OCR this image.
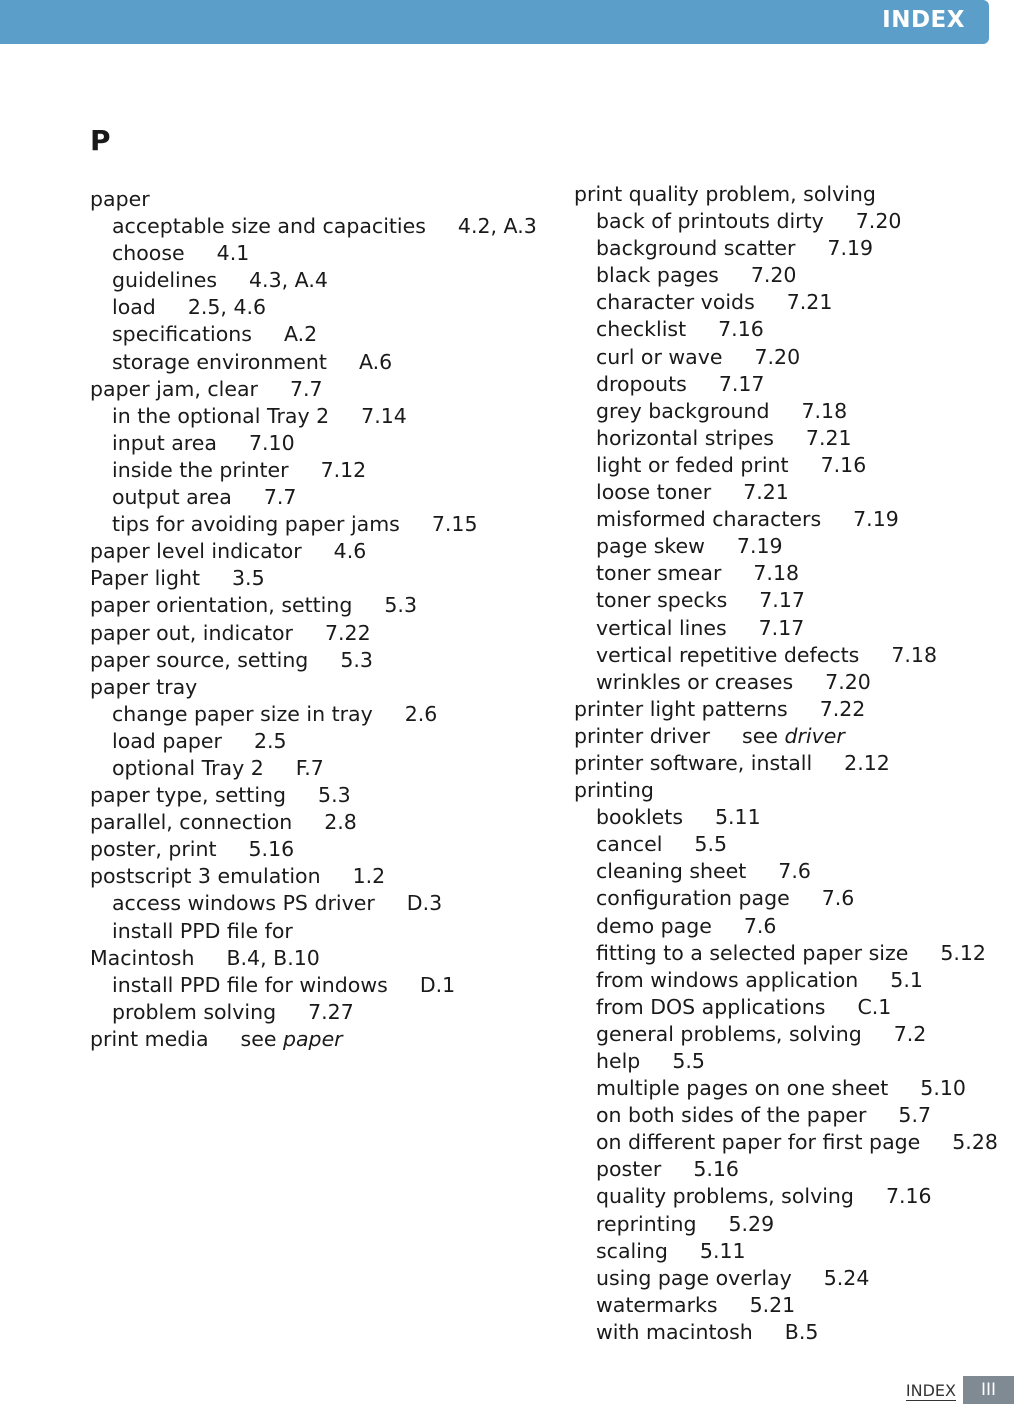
INDEX
P
paper
acceptable size and capacities 4.2, A.3
choose 4.1
guidelines 4.3, A.4
load 2.5, 4.6
specifications A.2
storage environment A.6
paper jam, clear 7.7
in the optional Tray 2 7.14
input area 7.10
inside the printer 7.12
output area 7.7
tips for avoiding paper jams 7.15
paper level indicator 4.6
Paper light 3.5
paper orientation, setting 5.3
paper out, indicator 7.22
paper source, setting 5.3
paper tray
change paper size in tray 2.6
load paper 2.5
optional Tray 2 F.7
paper type, setting 5.3
parallel, connection 2.8
poster, print 5.16
postscript 3 emulation 1.2
access windows PS driver D.3
install PPD file for Macintosh B.4, B.10
install PPD file for windows D.1
problem solving 7.27
print media see paper
print quality problem, solving
back of printouts dirty 7.20
background scatter 7.19
black pages 7.20
character voids 7.21
checklist 7.16
curl or wave 7.20
dropouts 7.17
grey background 7.18
horizontal stripes 7.21
light or feded print 7.16
loose toner 7.21
misformed characters 7.19
page skew 7.19
toner smear 7.18
toner specks 7.17
vertical lines 7.17
vertical repetitive defects 7.18
wrinkles or creases 7.20
printer light patterns 7.22
printer driver see driver
printer software, install 2.12
printing
booklets 5.11
cancel 5.5
cleaning sheet 7.6
configuration page 7.6
demo page 7.6
fitting to a selected paper size 5.12
from windows application 5.1
from DOS applications C.1
general problems, solving 7.2
help 5.5
multiple pages on one sheet 5.10
on both sides of the paper 5.7
on different paper for first page 5.28
poster 5.16
quality problems, solving 7.16
reprinting 5.29
scaling 5.11
using page overlay 5.24
watermarks 5.21
with macintosh B.5
INDEX	III
